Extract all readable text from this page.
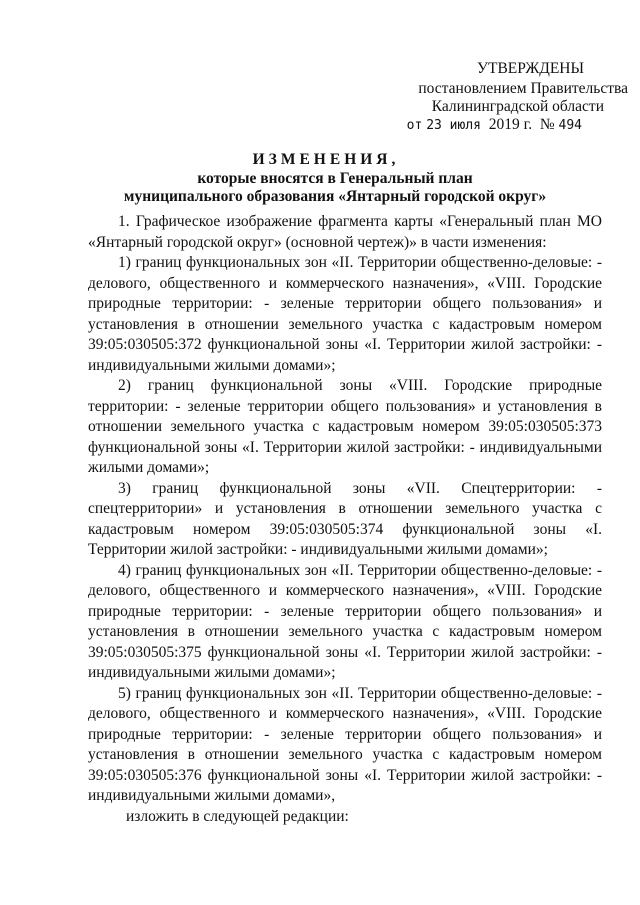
УТВЕРЖДЕНЫ
постановлением Правительства
Калининградской области
от 23 июля 2019 г. № 494
ИЗМЕНЕНИЯ,
которые вносятся в Генеральный план
муниципального образования «Янтарный городской округ»

1. Графическое изображение фрагмента карты «Генеральный план МО «Янтарный городской округ» (основной чертеж)» в части изменения:

1) границ функциональных зон «II. Территории общественно-деловые: - делового, общественного и коммерческого назначения», «VIII. Городские природные территории: - зеленые территории общего пользования» и установления в отношении земельного участка с кадастровым номером 39:05:030505:372 функциональной зоны «I. Территории жилой застройки: - индивидуальными жилыми домами»;

2) границ функциональной зоны «VIII. Городские природные территории: - зеленые территории общего пользования» и установления в отношении земельного участка с кадастровым номером 39:05:030505:373 функциональной зоны «I. Территории жилой застройки: - индивидуальными жилыми домами»;

3) границ функциональной зоны «VII. Спецтерритории: - спецтерритории» и установления в отношении земельного участка с кадастровым номером 39:05:030505:374 функциональной зоны «I. Территории жилой застройки: - индивидуальными жилыми домами»;

4) границ функциональных зон «II. Территории общественно-деловые: - делового, общественного и коммерческого назначения», «VIII. Городские природные территории: - зеленые территории общего пользования» и установления в отношении земельного участка с кадастровым номером 39:05:030505:375 функциональной зоны «I. Территории жилой застройки: - индивидуальными жилыми домами»;

5) границ функциональных зон «II. Территории общественно-деловые: - делового, общественного и коммерческого назначения», «VIII. Городские природные территории: - зеленые территории общего пользования» и установления в отношении земельного участка с кадастровым номером 39:05:030505:376 функциональной зоны «I. Территории жилой застройки: - индивидуальными жилыми домами»,

изложить в следующей редакции:
